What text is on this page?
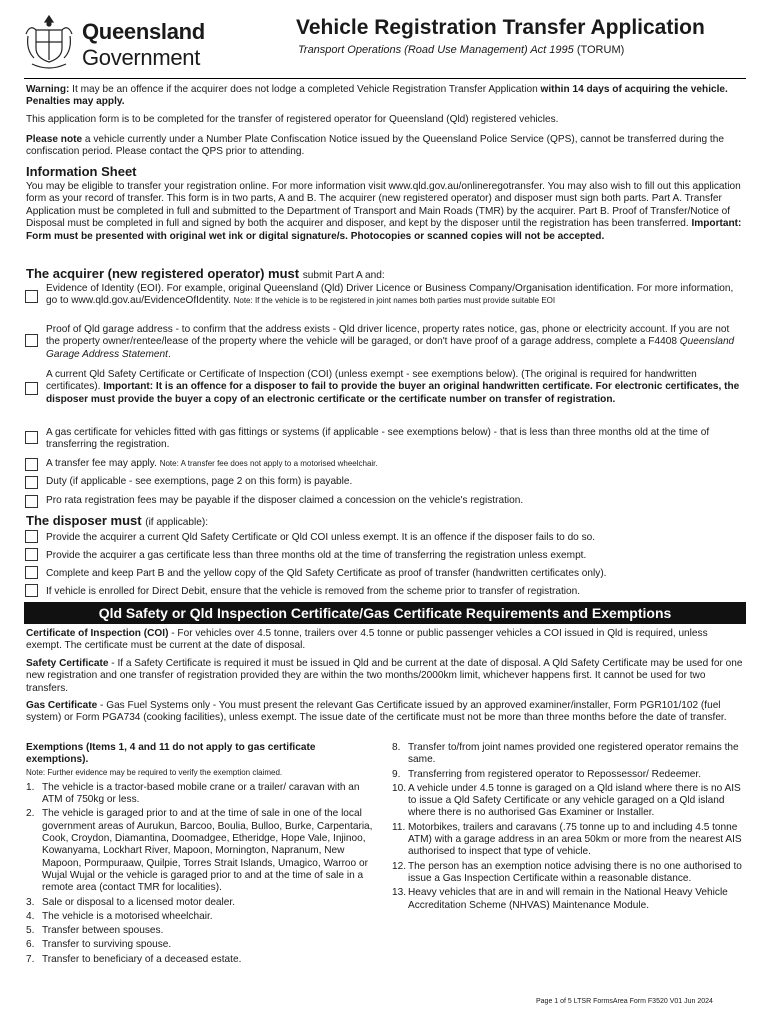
Queensland
Government
Vehicle Registration Transfer Application
Transport Operations (Road Use Management) Act 1995 (TORUM)
Warning: It may be an offence if the acquirer does not lodge a completed Vehicle Registration Transfer Application within 14 days of acquiring the vehicle. Penalties may apply.
This application form is to be completed for the transfer of registered operator for Queensland (Qld) registered vehicles.
Please note a vehicle currently under a Number Plate Confiscation Notice issued by the Queensland Police Service (QPS), cannot be transferred during the confiscation period. Please contact the QPS prior to attending.
Information Sheet
You may be eligible to transfer your registration online. For more information visit www.qld.gov.au/onlineregotransfer. You may also wish to fill out this application form as your record of transfer. This form is in two parts, A and B. The acquirer (new registered operator) and disposer must sign both parts. Part A. Transfer Application must be completed in full and submitted to the Department of Transport and Main Roads (TMR) by the acquirer. Part B. Proof of Transfer/Notice of Disposal must be completed in full and signed by both the acquirer and disposer, and kept by the disposer until the registration has been transferred. Important: Form must be presented with original wet ink or digital signature/s. Photocopies or scanned copies will not be accepted.
The acquirer (new registered operator) must submit Part A and:
Evidence of Identity (EOI). For example, original Queensland (Qld) Driver Licence or Business Company/Organisation identification. For more information, go to www.qld.gov.au/EvidenceOfIdentity. Note: If the vehicle is to be registered in joint names both parties must provide suitable EOI
Proof of Qld garage address - to confirm that the address exists - Qld driver licence, property rates notice, gas, phone or electricity account. If you are not the property owner/rentee/lease of the property where the vehicle will be garaged, or don't have proof of a garage address, complete a F4408 Queensland Garage Address Statement.
A current Qld Safety Certificate or Certificate of Inspection (COI) (unless exempt - see exemptions below). (The original is required for handwritten certificates). Important: It is an offence for a disposer to fail to provide the buyer an original handwritten certificate. For electronic certificates, the disposer must provide the buyer a copy of an electronic certificate or the certificate number on transfer of registration.
A gas certificate for vehicles fitted with gas fittings or systems (if applicable - see exemptions below) - that is less than three months old at the time of transferring the registration.
A transfer fee may apply. Note: A transfer fee does not apply to a motorised wheelchair.
Duty (if applicable - see exemptions, page 2 on this form) is payable.
Pro rata registration fees may be payable if the disposer claimed a concession on the vehicle's registration.
The disposer must (if applicable):
Provide the acquirer a current Qld Safety Certificate or Qld COI unless exempt. It is an offence if the disposer fails to do so.
Provide the acquirer a gas certificate less than three months old at the time of transferring the registration unless exempt.
Complete and keep Part B and the yellow copy of the Qld Safety Certificate as proof of transfer (handwritten certificates only).
If vehicle is enrolled for Direct Debit, ensure that the vehicle is removed from the scheme prior to transfer of registration.
Qld Safety or Qld Inspection Certificate/Gas Certificate Requirements and Exemptions
Certificate of Inspection (COI) - For vehicles over 4.5 tonne, trailers over 4.5 tonne or public passenger vehicles a COI issued in Qld is required, unless exempt. The certificate must be current at the date of disposal.
Safety Certificate - If a Safety Certificate is required it must be issued in Qld and be current at the date of disposal. A Qld Safety Certificate may be used for one new registration and one transfer of registration provided they are within the two months/2000km limit, whichever happens first. It cannot be used for two transfers.
Gas Certificate - Gas Fuel Systems only - You must present the relevant Gas Certificate issued by an approved examiner/installer, Form PGR101/102 (fuel system) or Form PGA734 (cooking facilities), unless exempt. The issue date of the certificate must not be more than three months before the date of transfer.
Exemptions (Items 1, 4 and 11 do not apply to gas certificate exemptions).
Note: Further evidence may be required to verify the exemption claimed.
1. The vehicle is a tractor-based mobile crane or a trailer/ caravan with an ATM of 750kg or less.
2. The vehicle is garaged prior to and at the time of sale in one of the local government areas of Aurukun, Barcoo, Boulia, Bulloo, Burke, Carpentaria, Cook, Croydon, Diamantina, Doomadgee, Etheridge, Hope Vale, Injinoo, Kowanyama, Lockhart River, Mapoon, Mornington, Napranum, New Mapoon, Pormpuraaw, Quilpie, Torres Strait Islands, Umagico, Warroo or Wujal Wujal or the vehicle is garaged prior to and at the time of sale in a remote area (contact TMR for localities).
3. Sale or disposal to a licensed motor dealer.
4. The vehicle is a motorised wheelchair.
5. Transfer between spouses.
6. Transfer to surviving spouse.
7. Transfer to beneficiary of a deceased estate.
8. Transfer to/from joint names provided one registered operator remains the same.
9. Transferring from registered operator to Repossessor/ Redeemer.
10. A vehicle under 4.5 tonne is garaged on a Qld island where there is no AIS to issue a Qld Safety Certificate or any vehicle garaged on a Qld island where there is no authorised Gas Examiner or Installer.
11. Motorbikes, trailers and caravans (.75 tonne up to and including 4.5 tonne ATM) with a garage address in an area 50km or more from the nearest AIS authorised to inspect that type of vehicle.
12. The person has an exemption notice advising there is no one authorised to issue a Gas Inspection Certificate within a reasonable distance.
13. Heavy vehicles that are in and will remain in the National Heavy Vehicle Accreditation Scheme (NHVAS) Maintenance Module.
Page 1 of 5 LTSR FormsArea Form F3520 V01 Jun 2024
